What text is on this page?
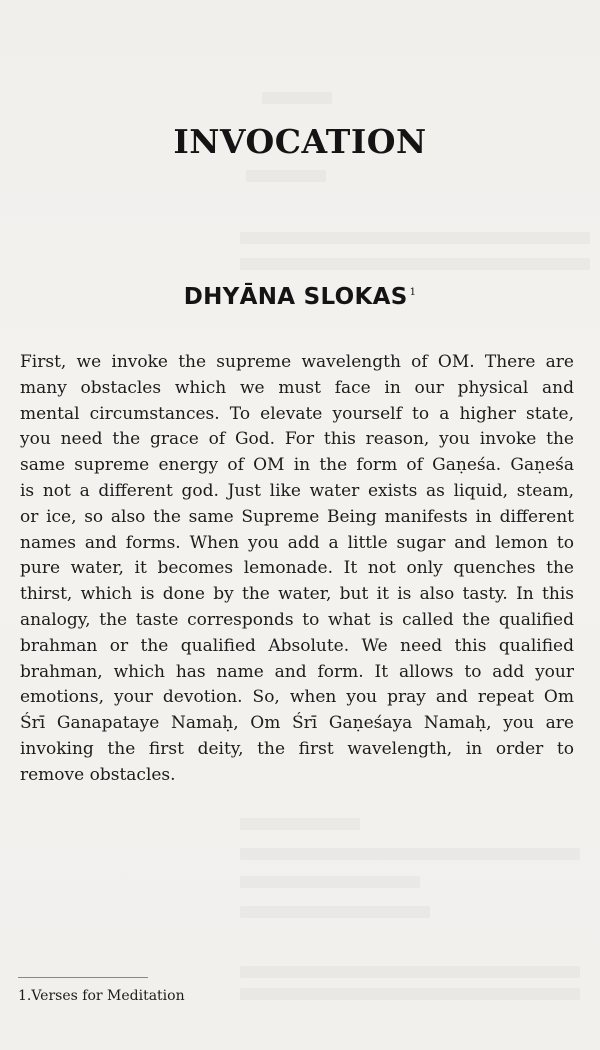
INVOCATION
DHYĀNA SLOKAS $^1$

First, we invoke the supreme wavelength of OM. There are
many obstacles which we must face in our physical and
mental circumstances. To elevate yourself to a higher state,
you need the grace of God. For this reason, you invoke the
same supreme energy of OM in the form of Gaṇeśa. Gaṇeśa
is not a different god. Just like water exists as liquid, steam,
or ice, so also the same Supreme Being manifests in different
names and forms. When you add a little sugar and lemon to
pure water, it becomes lemonade. It not only quenches the
thirst, which is done by the water, but it is also tasty. In this
analogy, the taste corresponds to what is called the qualified
brahman or the qualified Absolute. We need this qualified
brahman, which has name and form. It allows to add your
emotions, your devotion. So, when you pray and repeat Om
Śrī Ganapataye Namaḥ, Om Śrī Gaṇeśaya Namaḥ, you are
invoking the first deity, the first wavelength, in order to
remove obstacles.

1.Verses for Meditation
